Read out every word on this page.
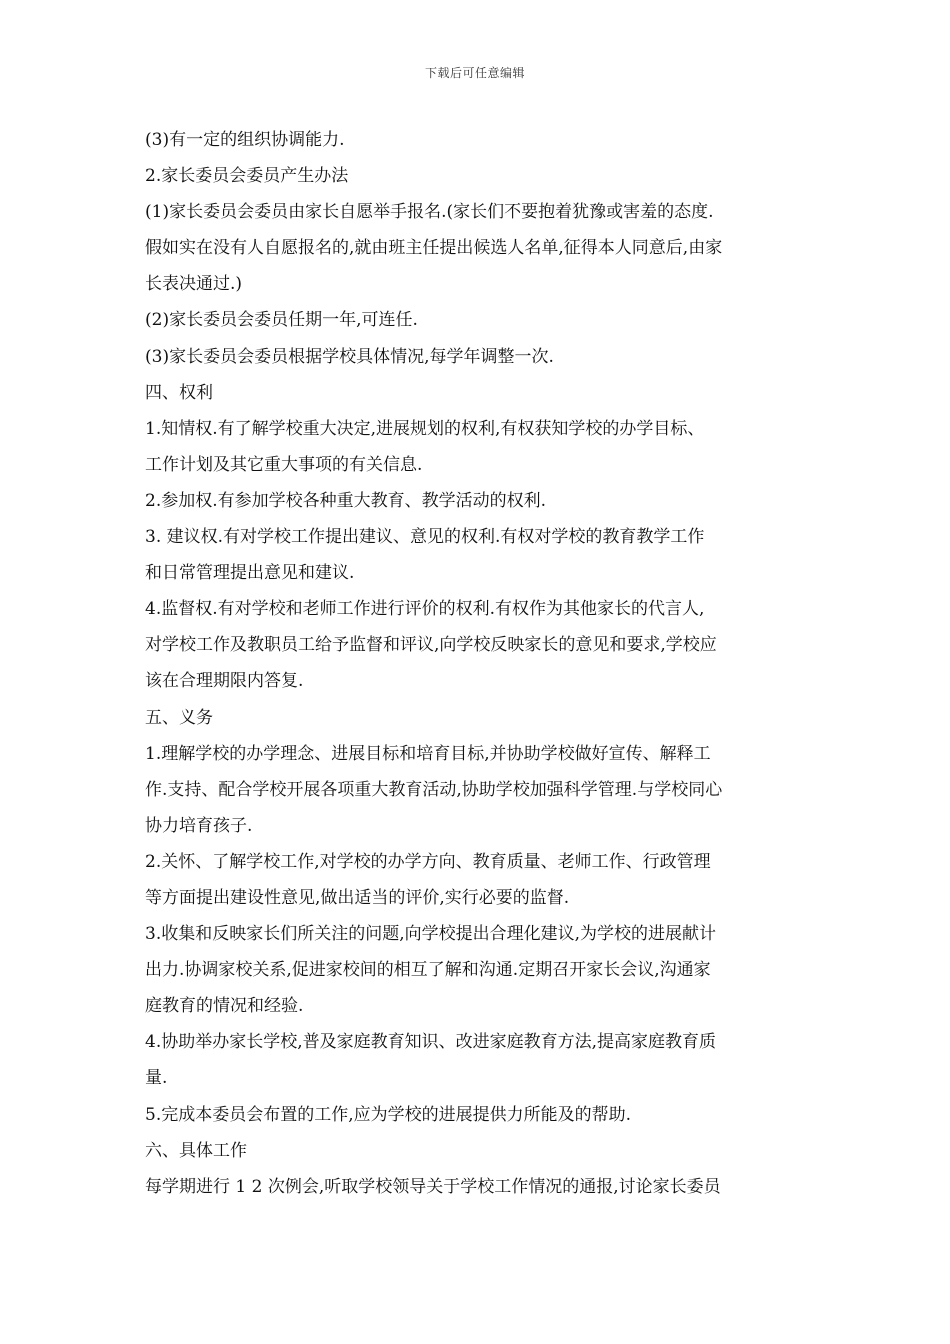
下载后可任意编辑
(3)有一定的组织协调能力.
2.家长委员会委员产生办法
(1)家长委员会委员由家长自愿举手报名.(家长们不要抱着犹豫或害羞的态度.
假如实在没有人自愿报名的,就由班主任提出候选人名单,征得本人同意后,由家
长表决通过.)
(2)家长委员会委员任期一年,可连任.
(3)家长委员会委员根据学校具体情况,每学年调整一次.
四、权利
1.知情权.有了解学校重大决定,进展规划的权利,有权获知学校的办学目标、
工作计划及其它重大事项的有关信息.
2.参加权.有参加学校各种重大教育、教学活动的权利.
3. 建议权.有对学校工作提出建议、意见的权利.有权对学校的教育教学工作
和日常管理提出意见和建议.
4.监督权.有对学校和老师工作进行评价的权利.有权作为其他家长的代言人,
对学校工作及教职员工给予监督和评议,向学校反映家长的意见和要求,学校应
该在合理期限内答复.
五、义务
1.理解学校的办学理念、进展目标和培育目标,并协助学校做好宣传、解释工
作.支持、配合学校开展各项重大教育活动,协助学校加强科学管理.与学校同心
协力培育孩子.
2.关怀、了解学校工作,对学校的办学方向、教育质量、老师工作、行政管理
等方面提出建设性意见,做出适当的评价,实行必要的监督.
3.收集和反映家长们所关注的问题,向学校提出合理化建议,为学校的进展献计
出力.协调家校关系,促进家校间的相互了解和沟通.定期召开家长会议,沟通家
庭教育的情况和经验.
4.协助举办家长学校,普及家庭教育知识、改进家庭教育方法,提高家庭教育质
量.
5.完成本委员会布置的工作,应为学校的进展提供力所能及的帮助.
六、具体工作
每学期进行 1 2 次例会,听取学校领导关于学校工作情况的通报,讨论家长委员
